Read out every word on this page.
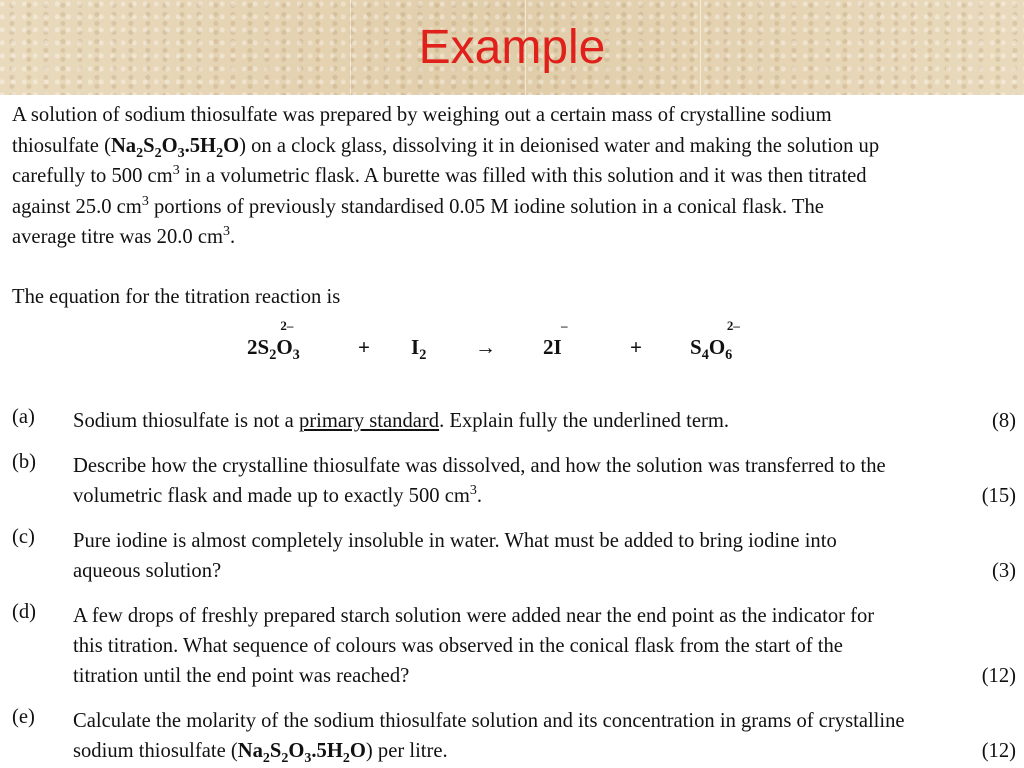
Example
A solution of sodium thiosulfate was prepared by weighing out a certain mass of crystalline sodium
thiosulfate $(Na_2S_2O_3.5H_2O)$ on a clock glass, dissolving it in deionised water and making the solution up
carefully to 500 $cm^3$ in a volumetric flask. A burette was filled with this solution and it was then titrated
against 25.0 $cm^3$ portions of previously standardised 0.05 M iodine solution in a conical flask. The
average titre was 20.0 $cm^3$.
The equation for the titration reaction is
$2S_2O$
2–
$_3$	+ $I_2 \to 2I$
–
+ $S_4O$
2–
$_6$
(a) Sodium thiosulfate is not a primary standard. Explain fully the underlined term.	(8)
(b) Describe how the crystalline thiosulfate was dissolved, and how the solution was transferred to the
volumetric flask and made up to exactly 500 $cm^3$.	(15)
(c) Pure iodine is almost completely insoluble in water. What must be added to bring iodine into
aqueous solution?	(3)
(d) A few drops of freshly prepared starch solution were added near the end point as the indicator for
this titration. What sequence of colours was observed in the conical flask from the start of the
titration until the end point was reached?	(12)
(e) Calculate the molarity of the sodium thiosulfate solution and its concentration in grams of crystalline
sodium thiosulfate $(Na_2S_2O_3.5H_2O)$ per litre.	(12)
